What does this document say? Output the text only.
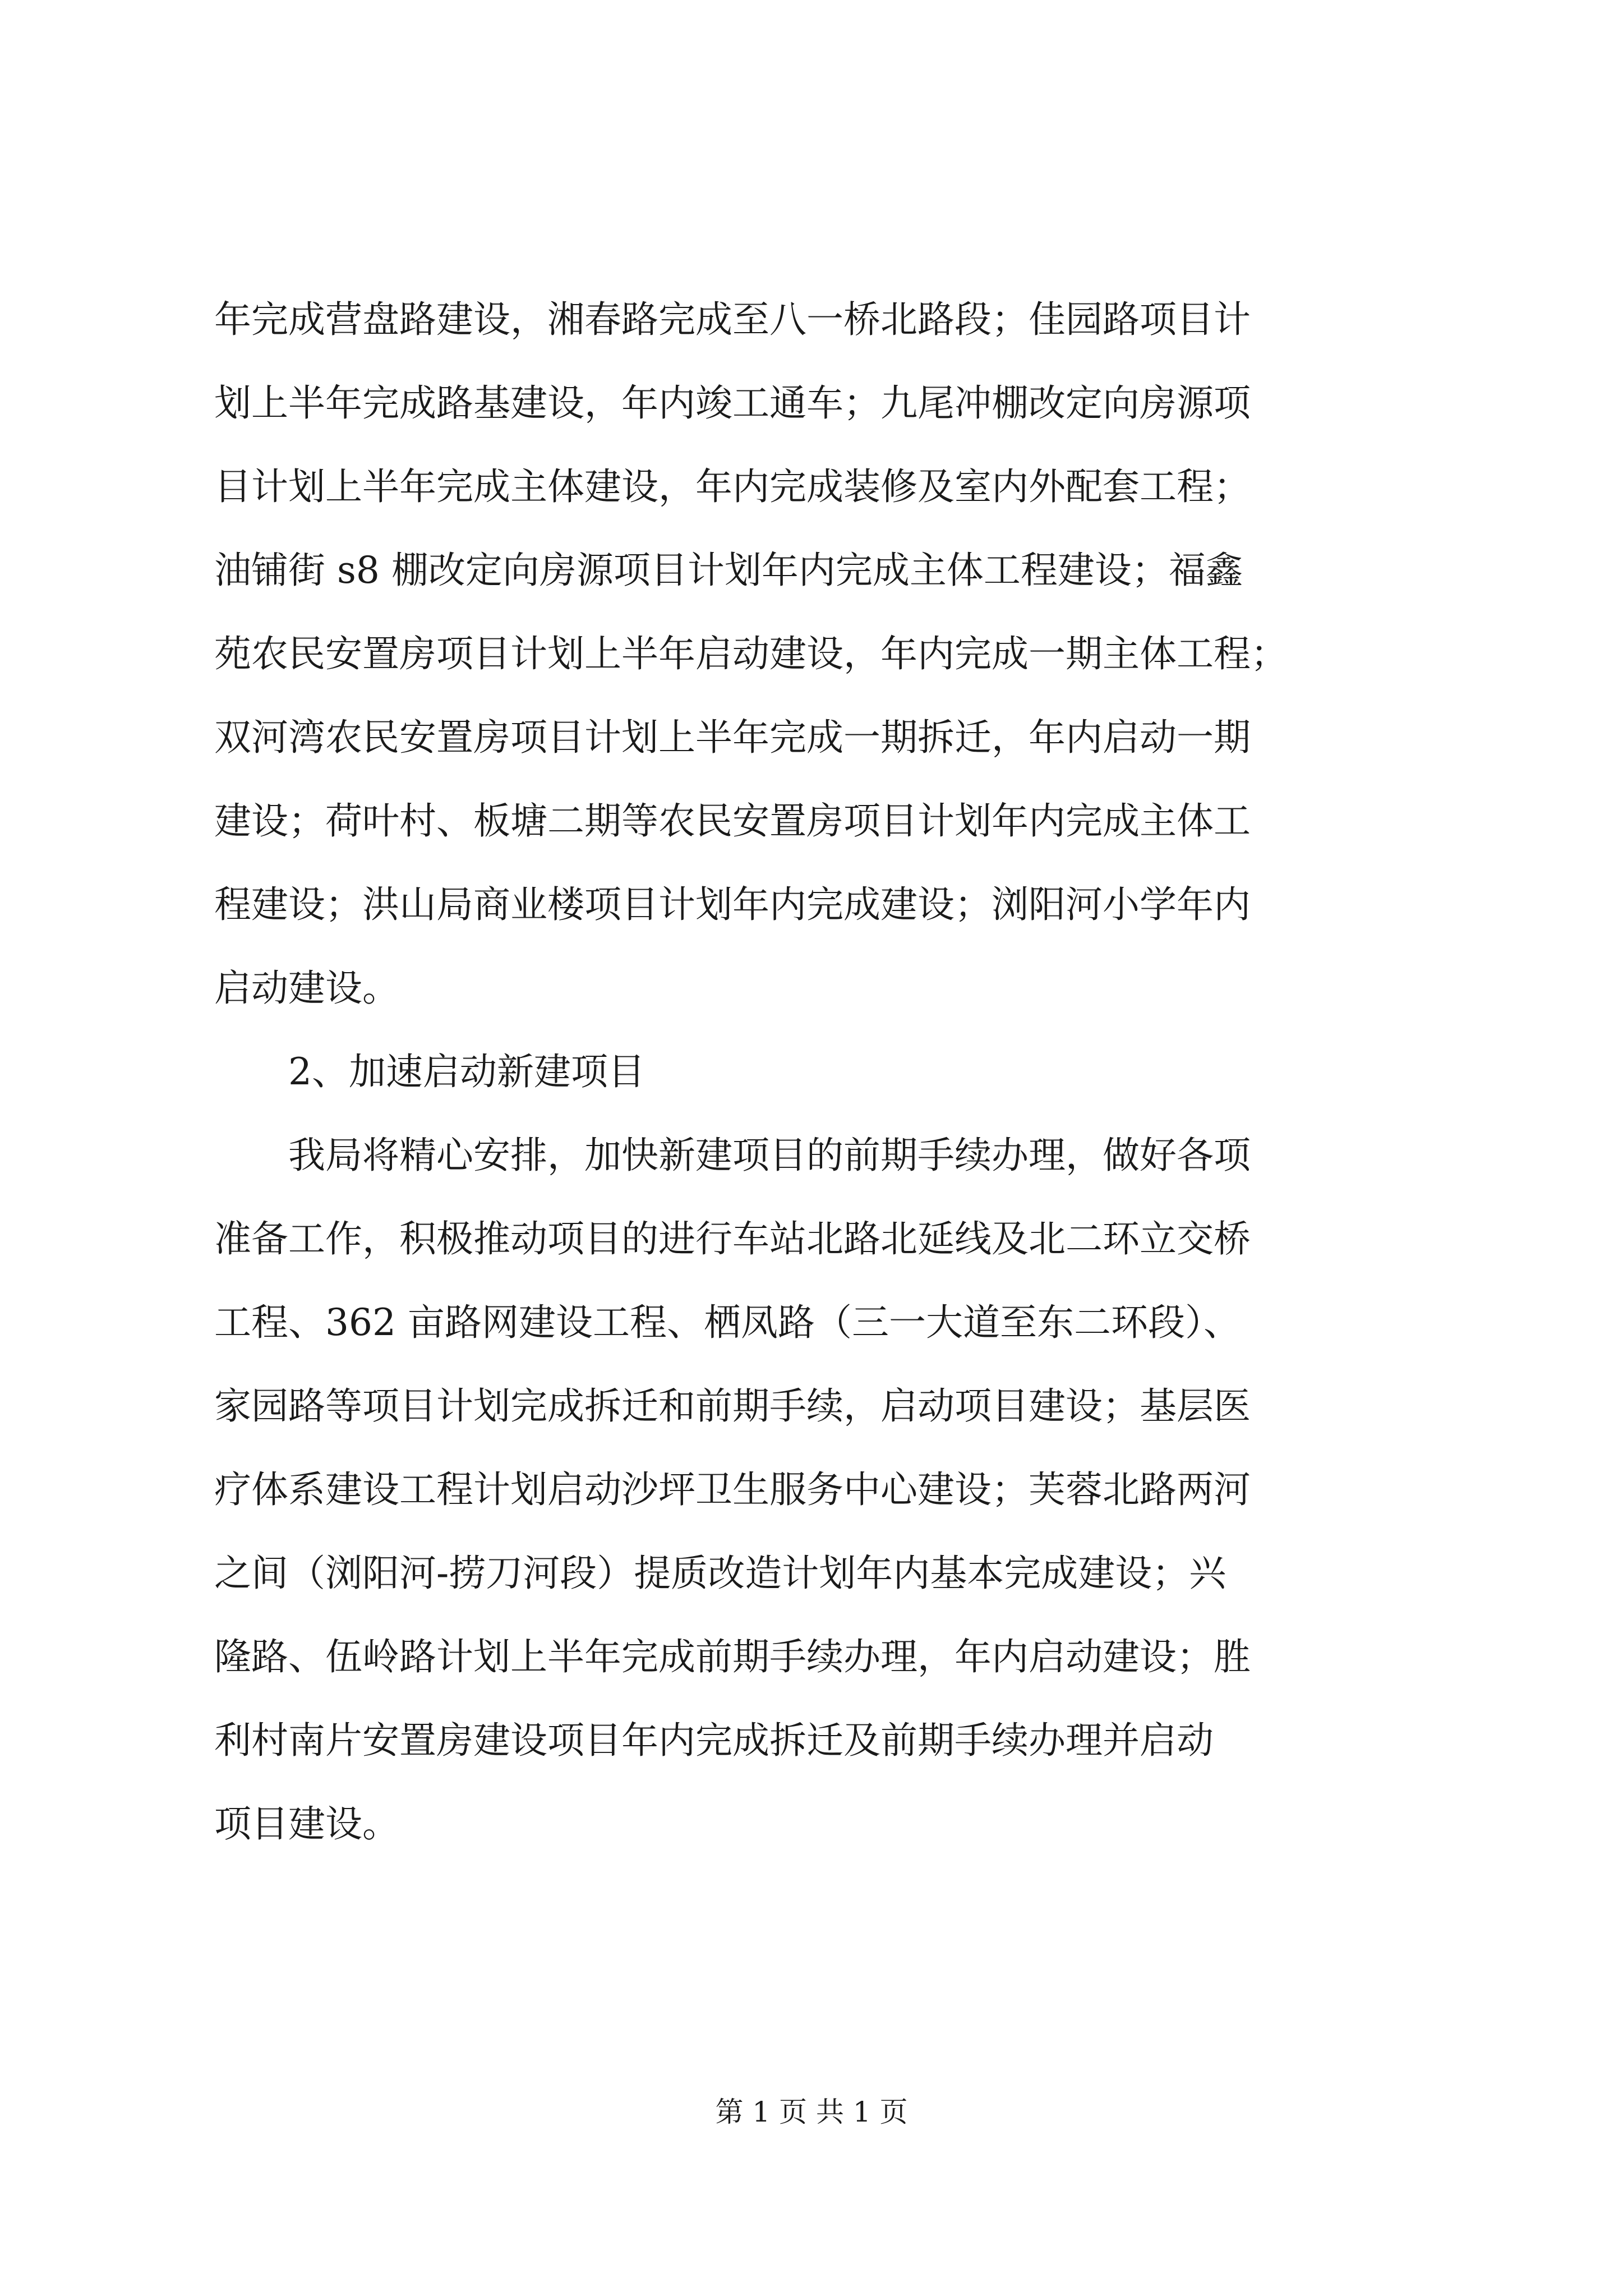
年完成营盘路建设，湘春路完成至八一桥北路段；佳园路项目计
划上半年完成路基建设，年内竣工通车；九尾冲棚改定向房源项
目计划上半年完成主体建设，年内完成装修及室内外配套工程；
油铺街 s8 棚改定向房源项目计划年内完成主体工程建设；福鑫
苑农民安置房项目计划上半年启动建设，年内完成一期主体工程；
双河湾农民安置房项目计划上半年完成一期拆迁，年内启动一期
建设；荷叶村、板塘二期等农民安置房项目计划年内完成主体工
程建设；洪山局商业楼项目计划年内完成建设；浏阳河小学年内
启动建设。
2、加速启动新建项目
我局将精心安排，加快新建项目的前期手续办理，做好各项
准备工作，积极推动项目的进行车站北路北延线及北二环立交桥
工程、362 亩路网建设工程、栖凤路（三一大道至东二环段）、
家园路等项目计划完成拆迁和前期手续，启动项目建设；基层医
疗体系建设工程计划启动沙坪卫生服务中心建设；芙蓉北路两河
之间（浏阳河-捞刀河段）提质改造计划年内基本完成建设；兴
隆路、伍岭路计划上半年完成前期手续办理，年内启动建设；胜
利村南片安置房建设项目年内完成拆迁及前期手续办理并启动
项目建设。
第 1 页 共 1 页
